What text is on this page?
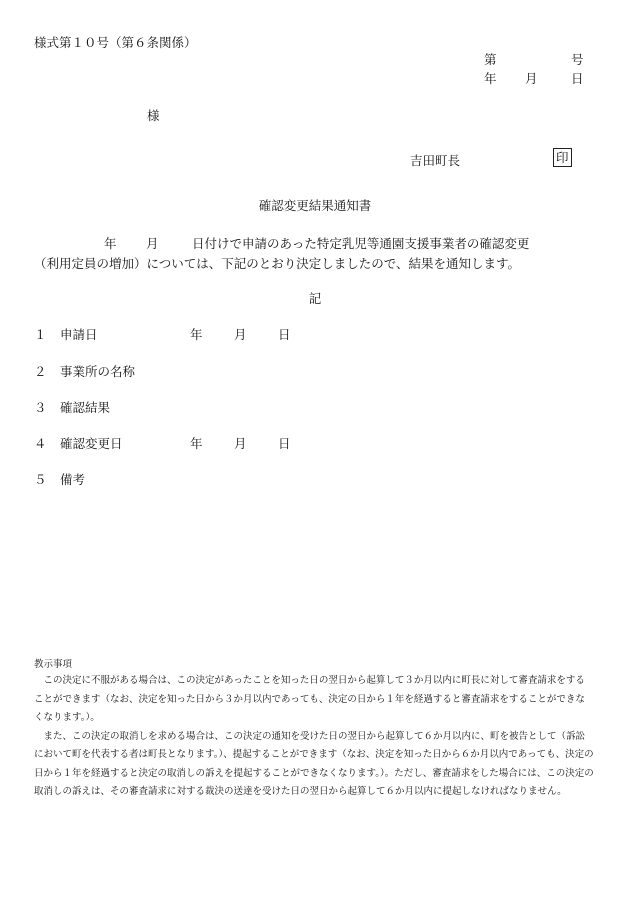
様式第１０号（第６条関係）
第	号
年 月	日
様
吉田町長	印
確認変更結果通知書
年 月	日付けで申請のあった特定乳児等通園支援事業者の確認変更
（利用定員の増加）については、下記のとおり決定しましたので、結果を通知します。
記
１ 申請日	年	月	日
２ 事業所の名称
３ 確認結果
４ 確認変更日	年	月	日
５ 備考
教示事項

この決定に不服がある場合は、この決定があったことを知った日の翌日から起算して３か月以内に町長に対して審査請求をすることができます（なお、決定を知った日から３か月以内であっても、決定の日から１年を経過すると審査請求をすることができなくなります。）。

また、この決定の取消しを求める場合は、この決定の通知を受けた日の翌日から起算して６か月以内に、町を被告として（訴訟において町を代表する者は町長となります。）、提起することができます（なお、決定を知った日から６か月以内であっても、決定の日から１年を経過すると決定の取消しの訴えを提起することができなくなります。）。ただし、審査請求をした場合には、この決定の取消しの訴えは、その審査請求に対する裁決の送達を受けた日の翌日から起算して６か月以内に提起しなければなりません。
